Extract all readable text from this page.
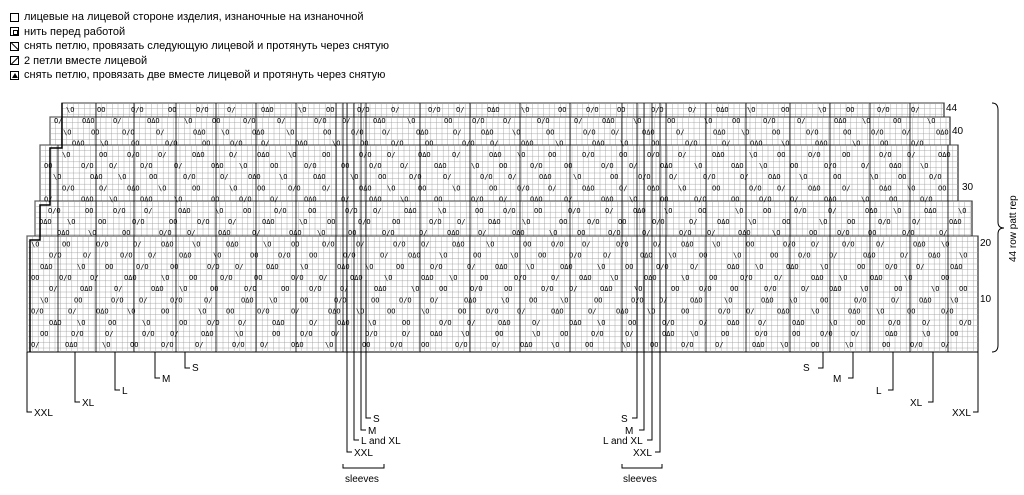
лицевые на лицевой стороне изделия, изнаночные на изнаночной
нить перед работой
снять петлю, провязать следующую лицевой и протянуть через снятую
2 петли вместе лицевой
снять петлю, провязать две вместе лицевой и протянуть через снятую
\Ο	ΟΟ	Ο/Ο	ΟΟ	Ο/Ο	Ο/	ΟΔΟ	\Ο	ΟΟ	Ο/Ο	Ο/	Ο/Ο Ο/	ΟΔΟ	\Ο	ΟΟ	Ο/Ο	ΟΟ	Ο/Ο	Ο/	ΟΔΟ	\Ο	ΟΟ	\Ο	ΟΟ	Ο/Ο	Ο/
Ο/	ΟΔΟ	Ο/	ΟΔΟ	\Ο	ΟΟ	Ο/Ο	Ο/	Ο/Ο Ο/	ΟΔΟ	\Ο	ΟΟ	Ο/Ο	Ο/	Ο/Ο	Ο/	ΟΔΟ	\Ο	ΟΟ	\Ο	ΟΟ	Ο/Ο	Ο/	ΟΔΟ \Ο	ΟΟ	\Ο
\Ο	ΟΟ	Ο/Ο	Ο/	ΟΔΟ \Ο	ΟΔΟ	\Ο	ΟΟ	Ο/Ο	Ο/	ΟΔΟ	Ο/	ΟΔΟ	\Ο	ΟΟ	Ο/Ο Ο/	ΟΔΟ	Ο/	ΟΔΟ \Ο	ΟΟ	Ο/Ο	ΟΟ	Ο/Ο	Ο/	ΟΔΟ
ΟΔΟ \Ο	ΟΟ	Ο/Ο	ΟΟ	Ο/Ο	Ο/	ΟΔΟ	\Ο	ΟΟ	Ο/Ο	ΟΟ	Ο/Ο Ο/	ΟΔΟ	\Ο	ΟΔΟ \Ο	ΟΟ	Ο/Ο	Ο/	ΟΔΟ	\Ο	ΟΔΟ	\Ο	ΟΟ	Ο/Ο
\Ο	ΟΟ	Ο/Ο	Ο/	ΟΔΟ	Ο/	ΟΔΟ	\Ο	ΟΟ	Ο/Ο Ο/	ΟΔΟ	Ο/	ΟΔΟ \Ο	ΟΟ	Ο/Ο	ΟΟ	Ο/Ο	Ο/	ΟΔΟ	\Ο	ΟΟ	Ο/Ο	ΟΟ	Ο/Ο Ο/	ΟΔΟ
ΟΟ	Ο/Ο Ο/	Ο/Ο	Ο/	ΟΔΟ \Ο	ΟΟ	Ο/Ο	ΟΟ	Ο/Ο	Ο/	ΟΔΟ	\Ο	ΟΟ	Ο/Ο	ΟΟ	Ο/Ο Ο/	ΟΔΟ	\Ο	ΟΔΟ \Ο	ΟΟ	Ο/Ο	Ο/	ΟΔΟ	\Ο
\Ο	ΟΔΟ \Ο	ΟΟ	Ο/Ο	Ο/	ΟΔΟ	\Ο	ΟΔΟ	\Ο	ΟΟ	Ο/Ο	Ο/	Ο/Ο Ο/	ΟΔΟ	\Ο	ΟΟ	Ο/Ο	Ο/	Ο/Ο	Ο/	ΟΔΟ	\Ο	ΟΟ	\Ο	ΟΟ	Ο/Ο
Ο/Ο	Ο/	ΟΔΟ	\Ο	ΟΟ	\Ο	ΟΟ	Ο/Ο	Ο/	ΟΔΟ \Ο	ΟΟ	\Ο	ΟΟ	Ο/Ο	Ο/	ΟΔΟ	Ο/	ΟΔΟ	\Ο	ΟΟ	Ο/Ο Ο/	ΟΔΟ	Ο/	ΟΔΟ \Ο	ΟΟ
Ο/	ΟΔΟ \Ο	ΟΔΟ	\Ο	ΟΟ	Ο/Ο	Ο/	ΟΔΟ	Ο/	ΟΔΟ	\Ο	ΟΟ	Ο/Ο Ο/	ΟΔΟ	Ο/	ΟΔΟ \Ο	ΟΟ	Ο/Ο	ΟΟ	Ο/Ο	Ο/	ΟΔΟ	\Ο	ΟΟ	Ο/Ο
Ο/Ο	ΟΟ	Ο/Ο	Ο/	ΟΔΟ	\Ο	ΟΟ	Ο/Ο	ΟΟ	Ο/Ο Ο/	ΟΔΟ	\Ο	ΟΟ	Ο/Ο	ΟΟ	Ο/Ο	Ο/	ΟΔΟ	\Ο	ΟΟ	\Ο	ΟΟ	Ο/Ο	Ο/	ΟΔΟ \Ο	ΟΔΟ	\Ο
ΟΔΟ \Ο	ΟΟ	Ο/Ο	ΟΟ	Ο/Ο	Ο/	ΟΔΟ	\Ο	ΟΟ	Ο/Ο	ΟΟ	Ο/Ο Ο/	ΟΔΟ	\Ο	ΟΟ	Ο/Ο	ΟΟ	Ο/Ο	Ο/	ΟΔΟ	\Ο	ΟΟ	\Ο	ΟΟ	Ο/Ο	Ο/	ΟΔΟ
ΟΔΟ	\Ο	ΟΟ	Ο/Ο Ο/	ΟΔΟ	Ο/	ΟΔΟ \Ο	ΟΟ	Ο/Ο	Ο/	ΟΔΟ	Ο/	ΟΔΟ	\Ο	ΟΟ	Ο/Ο	Ο/	Ο/Ο Ο/	ΟΔΟ	\Ο	ΟΟ	Ο/Ο	ΟΟ	Ο/Ο	Ο/
\Ο	ΟΟ	Ο/Ο	Ο/	ΟΔΟ	\Ο	ΟΔΟ	\Ο	ΟΟ	Ο/Ο	Ο/	Ο/Ο Ο/	ΟΔΟ	\Ο	ΟΟ	Ο/Ο	Ο/	Ο/Ο	Ο/	ΟΔΟ	\Ο	ΟΟ	Ο/Ο Ο/	Ο/Ο	Ο/	ΟΔΟ \Ο
Ο/Ο	Ο/	Ο/Ο Ο/	ΟΔΟ	\Ο	ΟΟ	Ο/Ο	ΟΟ	Ο/Ο	Ο/	ΟΔΟ	\Ο	ΟΟ	\Ο	ΟΟ	Ο/Ο	Ο/	ΟΔΟ \Ο	ΟΟ	\Ο	ΟΟ	Ο/Ο	Ο/	ΟΔΟ	Ο/	ΟΔΟ	\Ο
ΟΔΟ	\Ο	ΟΟ	Ο/Ο	ΟΟ	Ο/Ο Ο/	ΟΔΟ	\Ο	ΟΔΟ \Ο	ΟΟ	Ο/Ο	Ο/	ΟΔΟ	\Ο	ΟΔΟ	\Ο	ΟΟ	Ο/Ο	Ο/	ΟΔΟ \Ο	ΟΔΟ	\Ο	ΟΟ	Ο/Ο	Ο/	ΟΔΟ
ΟΟ	Ο/Ο	Ο/	ΟΔΟ	\Ο	ΟΟ	Ο/Ο	ΟΟ	Ο/Ο Ο/	ΟΔΟ	\Ο	ΟΔΟ \Ο	ΟΟ	Ο/Ο	Ο/	ΟΔΟ	\Ο	ΟΔΟ	\Ο	ΟΟ	Ο/Ο	Ο/	ΟΔΟ \Ο	ΟΔΟ	\Ο	ΟΟ
Ο/	ΟΔΟ	Ο/	ΟΔΟ \Ο	ΟΟ	Ο/Ο	ΟΟ	Ο/Ο	Ο/	ΟΔΟ	\Ο	ΟΟ	Ο/Ο	ΟΟ	Ο/Ο Ο/	ΟΔΟ	\Ο	ΟΟ	Ο/Ο	ΟΟ	Ο/Ο	Ο/	ΟΔΟ	\Ο	ΟΟ	\Ο	ΟΟ
\Ο	ΟΟ	Ο/Ο Ο/	Ο/Ο	Ο/	ΟΔΟ \Ο	ΟΟ	Ο/Ο	ΟΟ	Ο/Ο	Ο/	ΟΔΟ	\Ο	ΟΟ	\Ο	ΟΟ	Ο/Ο Ο/	ΟΔΟ	\Ο	ΟΔΟ \Ο	ΟΟ	Ο/Ο	Ο/	ΟΔΟ	\Ο
Ο/Ο	Ο/	ΟΔΟ	\Ο	ΟΟ	\Ο	ΟΟ	Ο/Ο	Ο/	ΟΔΟ \Ο	ΟΟ	\Ο	ΟΟ	Ο/Ο	Ο/	ΟΔΟ	Ο/	ΟΔΟ	\Ο	ΟΟ	Ο/Ο Ο/	ΟΔΟ	\Ο	ΟΔΟ \Ο	ΟΟ	Ο/Ο
ΟΔΟ \Ο	ΟΟ	\Ο	ΟΟ	Ο/Ο	Ο/	ΟΔΟ	Ο/	ΟΔΟ	\Ο	ΟΟ	Ο/Ο Ο/	ΟΔΟ	Ο/	ΟΔΟ \Ο	ΟΟ	Ο/Ο	Ο/	ΟΔΟ	Ο/	ΟΔΟ	\Ο	ΟΟ	Ο/Ο	Ο/	Ο/Ο
ΟΟ	Ο/Ο	Ο/	Ο/Ο Ο/	ΟΔΟ	\Ο	ΟΟ	Ο/Ο	Ο/	Ο/Ο	Ο/	ΟΔΟ	\Ο	ΟΟ	\Ο	ΟΟ	Ο/Ο	Ο/	ΟΔΟ \Ο	ΟΟ	Ο/Ο	ΟΟ	Ο/Ο	Ο/	ΟΔΟ	\Ο	ΟΟ
Ο/	ΟΔΟ	\Ο	ΟΟ	Ο/Ο	Ο/	Ο/Ο Ο/	ΟΔΟ	\Ο	ΟΟ	Ο/Ο	ΟΟ	Ο/Ο	Ο/	ΟΔΟ	\Ο	ΟΟ	\Ο	ΟΟ	Ο/Ο	Ο/	ΟΔΟ \Ο	ΟΟ	\Ο	ΟΟ	Ο/Ο	Ο/
44
40
30
20
10
44 row patt rep
S
M
L
XL
XXL
S
M
L
XL
XXL
S
M
L and XL
XXL
sleeves
S
M
L and XL
XXL
sleeves
